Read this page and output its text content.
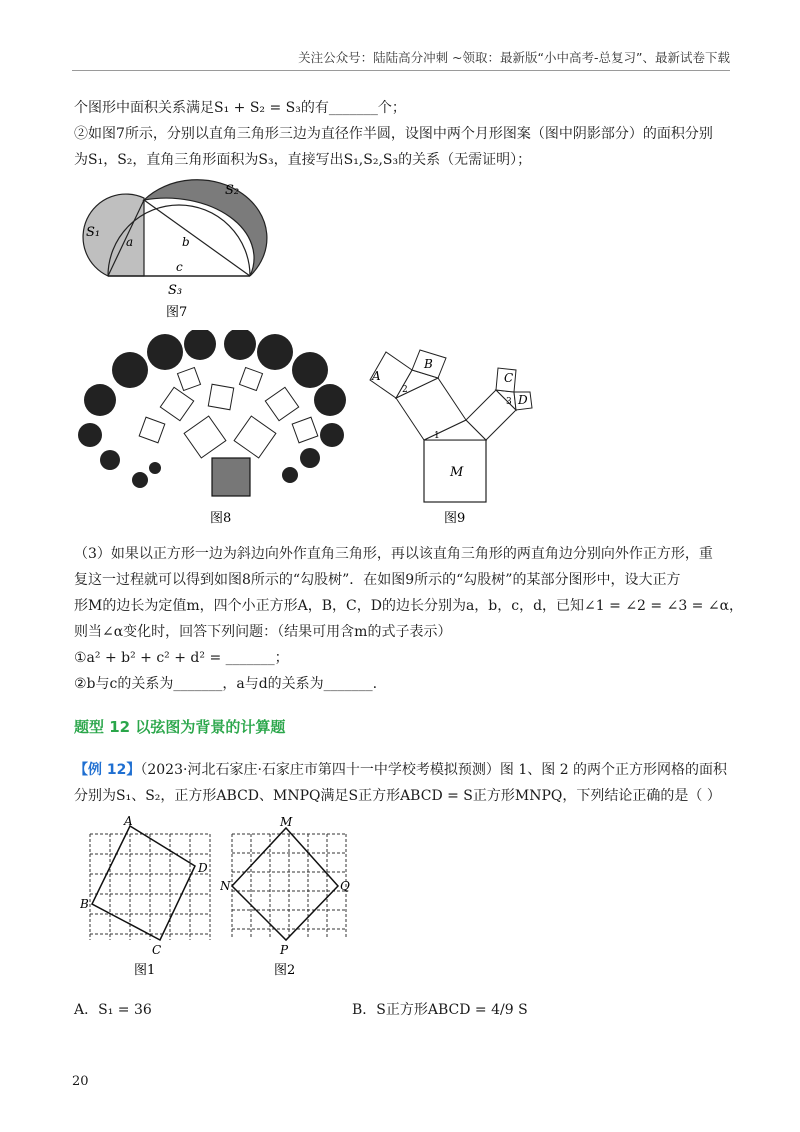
关注公众号：陆陆高分冲刺 ~领取：最新版“小中高考-总复习”、最新试卷下载
个图形中面积关系满足S₁ + S₂ = S₃的有_______个；
②如图7所示，分别以直角三角形三边为直径作半圆，设图中两个月形图案（图中阴影部分）的面积分别
为S₁，S₂，直角三角形面积为S₃，直接写出S₁,S₂,S₃的关系（无需证明）；
S₁
S₂
S₃
a	b
c
图7
图8
A
B
C
D
M
1
2
3
图9
（3）如果以正方形一边为斜边向外作直角三角形，再以该直角三角形的两直角边分别向外作正方形，重
复这一过程就可以得到如图8所示的“勾股树”．在如图9所示的“勾股树”的某部分图形中，设大正方
形M的边长为定值m，四个小正方形A，B，C，D的边长分别为a，b，c，d，已知∠1 = ∠2 = ∠3 = ∠α，
则当∠α变化时，回答下列问题：（结果可用含m的式子表示）
①a² + b² + c² + d² = _______；
②b与c的关系为_______，a与d的关系为_______.
题型 12 以弦图为背景的计算题
【例 12】（2023·河北石家庄·石家庄市第四十一中学校考模拟预测）图 1、图 2 的两个正方形网格的面积
分别为S₁、S₂，正方形ABCD、MNPQ满足S正方形ABCD = S正方形MNPQ，下列结论正确的是（ ）
A
B
C
D
图1
M
N
P
Q
图2
A．S₁ = 36	B．S正方形ABCD = 4/9 S
20
